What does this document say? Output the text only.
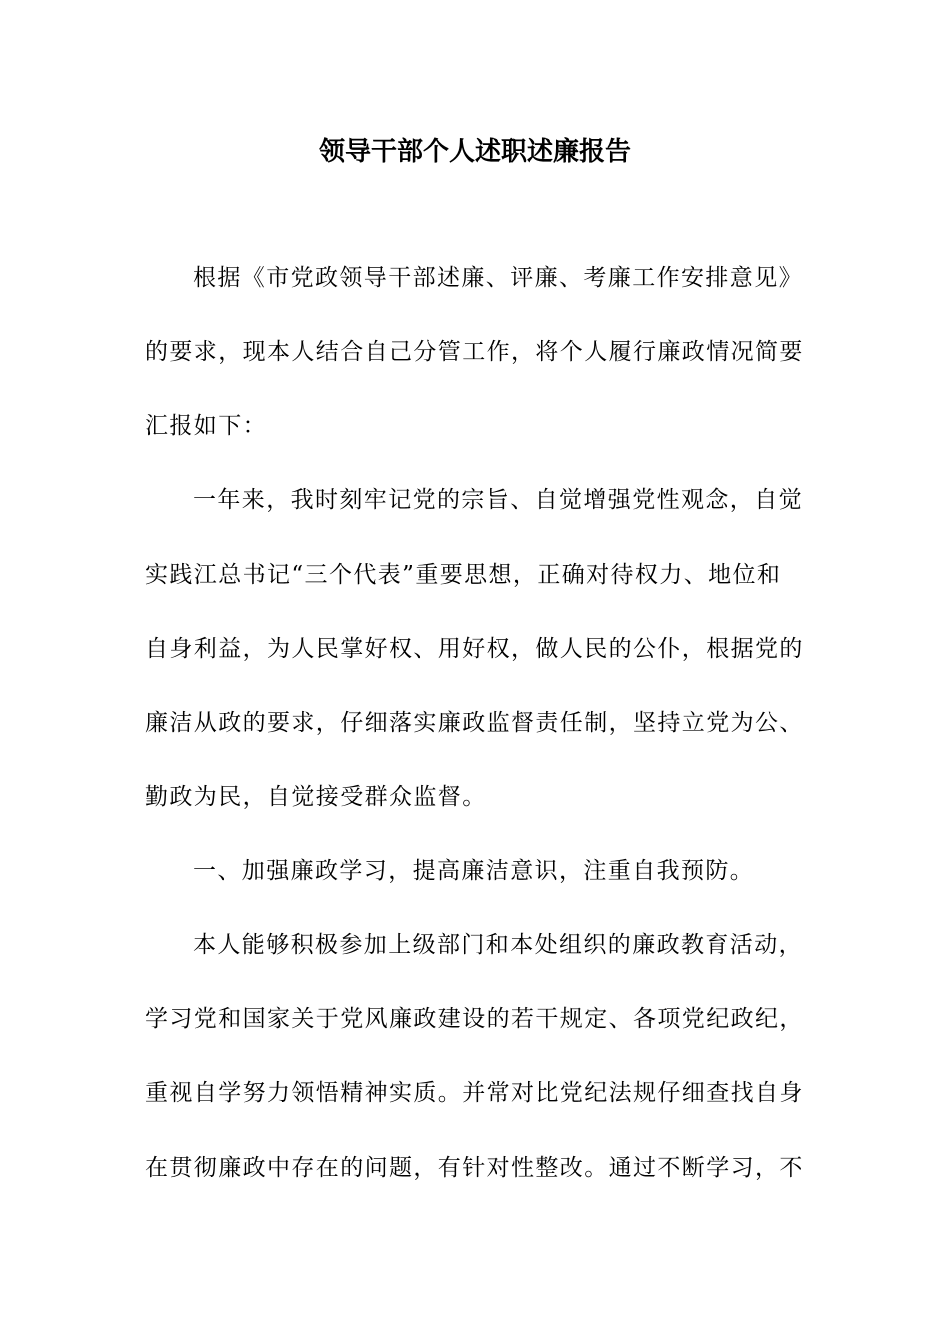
领导干部个人述职述廉报告

根据《市党政领导干部述廉、评廉、考廉工作安排意见》

的要求，现本人结合自己分管工作，将个人履行廉政情况简要

汇报如下：

一年来，我时刻牢记党的宗旨、自觉增强党性观念，自觉

实践江总书记“三个代表”重要思想，正确对待权力、地位和

自身利益，为人民掌好权、用好权，做人民的公仆，根据党的

廉洁从政的要求，仔细落实廉政监督责任制，坚持立党为公、

勤政为民，自觉接受群众监督。

一、加强廉政学习，提高廉洁意识，注重自我预防。

本人能够积极参加上级部门和本处组织的廉政教育活动，

学习党和国家关于党风廉政建设的若干规定、各项党纪政纪，

重视自学努力领悟精神实质。并常对比党纪法规仔细查找自身

在贯彻廉政中存在的问题，有针对性整改。通过不断学习，不
